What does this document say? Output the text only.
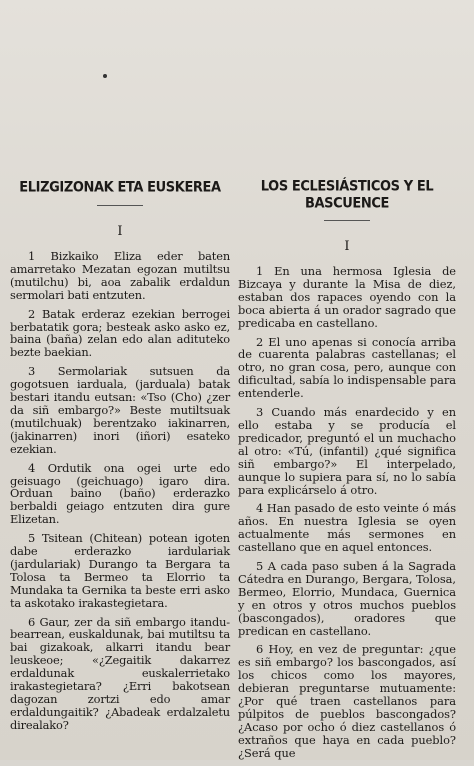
ELIZGIZONAK ETA EUSKEREA
I

1 Bizkaiko Eliza eder baten amarretako Mezatan egozan mutiltsu (mutilchu) bi, aoa zabalik erdaldun sermolari bati entzuten.

2 Batak erderaz ezekian berrogei berbatatik gora; besteak asko asko ez, baina (baña) zelan edo alan adituteko bezte baekian.

3 Sermolariak sutsuen da gogotsuen iarduala, (jarduala) batak bestari itandu eutsan: «Tso (Cho) ¿zer da siñ embargo?» Beste mutiltsuak (mutilchuak) berentzako iakinarren, (jakinarren) inori (iñori) esateko ezekian.

4 Ordutik ona ogei urte edo geisuago (geichuago) igaro dira. Orduan baino (baño) erderazko berbaldi geiago entzuten dira gure Elizetan.

5 Tsitean (Chitean) potean igoten dabe erderazko iardulariak (jardulariak) Durango ta Bergara ta Tolosa ta Bermeo ta Elorrio ta Mundaka ta Gernika ta beste erri asko ta askotako irakastegietara.

6 Gaur, zer da siñ embargo itandu-bearrean, euskaldunak, bai mutiltsu ta bai gizakoak, alkarri itandu bear leuskeoe; «¿Zegaitik dakarrez erdaldunak euskalerrietako irakastegietara? ¿Erri bakotsean dagozan zortzi edo amar erdaldungaitik? ¿Abadeak erdalzaletu direalako?

LOS ECLESIÁSTICOS Y EL BASCUENCE
I

1 En una hermosa Iglesia de Bizcaya y durante la Misa de diez, estaban dos rapaces oyendo con la boca abierta á un orador sagrado que predicaba en castellano.

2 El uno apenas si conocía arriba de cuarenta palabras castellanas; el otro, no gran cosa, pero, aunque con dificultad, sabía lo indispensable para entenderle.

3 Cuando más enardecido y en ello estaba y se producía el predicador, preguntó el un muchacho al otro: «Tú, (infantil) ¿qué significa siñ embargo?» El interpelado, aunque lo supiera para sí, no lo sabía para explicárselo á otro.

4 Han pasado de esto veinte ó más años. En nuestra Iglesia se oyen actualmente más sermones en castellano que en aquel entonces.

5 A cada paso suben á la Sagrada Cátedra en Durango, Bergara, Tolosa, Bermeo, Elorrio, Mundaca, Guernica y en otros y otros muchos pueblos (bascongados), oradores que predican en castellano.

6 Hoy, en vez de preguntar: ¿que es siñ embargo? los bascongados, así los chicos como los mayores, debieran preguntarse mutuamente: ¿Por qué traen castellanos para púlpitos de pueblos bascongados? ¿Acaso por ocho ó diez castellanos ó extraños que haya en cada pueblo? ¿Será que
